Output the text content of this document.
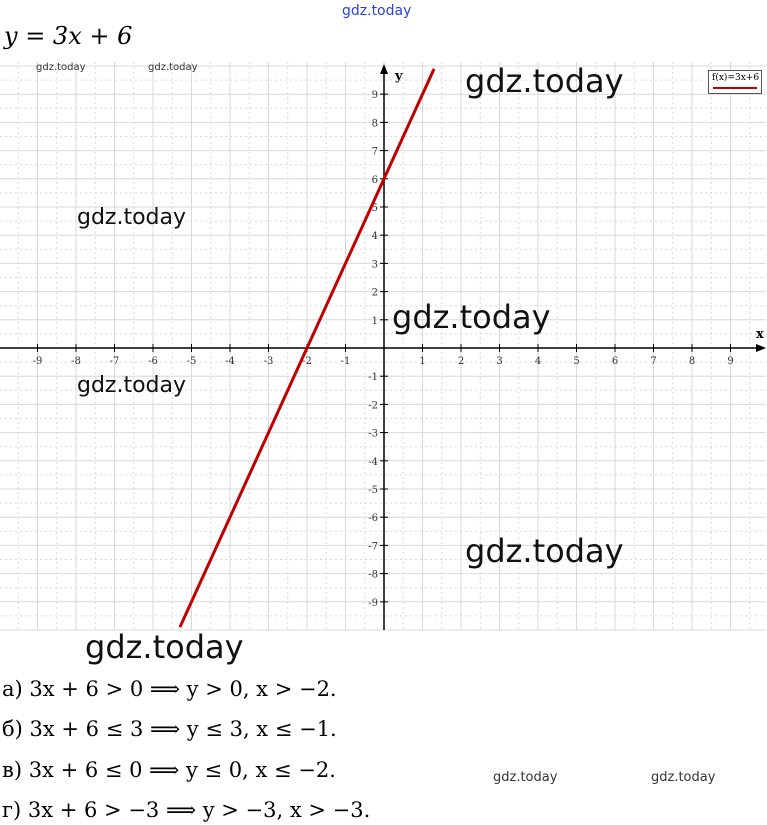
gdz.today
y = 3x + 6
x
y
-9	-8	-7	-6	-5	-4	-3	-2	-1	1	2	3	4	5	6	7	8	9
9
8
7
6
5
4
3
2
1
-1
-2
-3
-4
-5
-6
-7
-8
-9
f(x)=3x+6
gdz.today	gdz.today	gdz.today
gdz.today
gdz.today
gdz.today
gdz.today
gdz.today
а) 3x + 6 > 0 ⟹ y > 0, x > −2.
б) 3x + 6 ≤ 3 ⟹ y ≤ 3, x ≤ −1.
в) 3x + 6 ≤ 0 ⟹ y ≤ 0, x ≤ −2.
г) 3x + 6 > −3 ⟹ y > −3, x > −3.
gdz.today	gdz.today
